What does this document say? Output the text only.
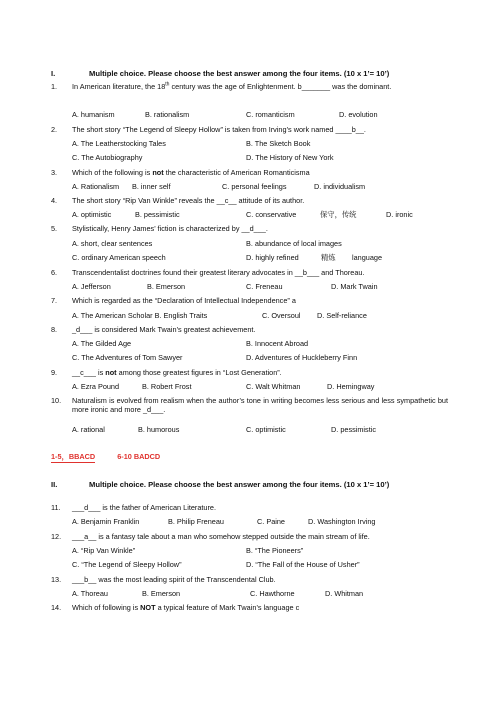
I.	Multiple choice. Please choose the best answer among the four items. (10 x 1’= 10’)
1. In American literature, the 18th century was the age of Enlightenment. b_______ was the dominant.
A. humanism	B. rationalism	C. romanticism	D. evolution
2. The short story “The Legend of Sleepy Hollow” is taken from Irving’s work named ____b__.
A. The Leatherstocking Tales	B. The Sketch Book
C. The Autobiography	D. The History of New York
3. Which of the following is not the characteristic of American Romanticisma
A. Rationalism B. inner self	C. personal feelings	D. individualism
4. The short story “Rip Van Winkle” reveals the __c__ attitude of its author.
A. optimistic	B. pessimistic	C. conservative	保守，传统	D. ironic
5. Stylistically, Henry James’ fiction is characterized by __d___.
A. short, clear sentences	B. abundance of local images
C. ordinary American speech	D. highly refined	精炼 language
6. Transcendentalist doctrines found their greatest literary advocates in __b___ and Thoreau.
A. Jefferson	B. Emerson	C. Freneau	D. Mark Twain
7. Which is regarded as the “Declaration of Intellectual Independence” a
A. The American Scholar B. English Traits	C. Oversoul D. Self-reliance
8. _d___ is considered Mark Twain’s greatest achievement.
A. The Gilded Age	B. Innocent Abroad
C. The Adventures of Tom Sawyer	D. Adventures of Huckleberry Finn
9. __c___ is not among those greatest figures in “Lost Generation”.
A. Ezra Pound	B. Robert Frost	C. Walt Whitman	D. Hemingway
10. Naturalism is evolved from realism when the author’s tone in writing becomes less serious and less sympathetic but more ironic and more _d___.
A. rational	B. humorous	C. optimistic	D. pessimistic
1-5，BBACD	6-10 BADCD
II.	Multiple choice. Please choose the best answer among the four items. (10 x 1’= 10’)
11. ___d___ is the father of American Literature.
A. Benjamin Franklin	B. Philip Freneau	C. Paine	D. Washington Irving
12. ___a__ is a fantasy tale about a man who somehow stepped outside the main stream of life.
A. “Rip Van Winkle”	B. “The Pioneers”
C. “The Legend of Sleepy Hollow”	D. “The Fall of the House of Usher”
13. ___b__ was the most leading spirit of the Transcendental Club.
A. Thoreau	B. Emerson	C. Hawthorne	D. Whitman
14. Which of following is NOT a typical feature of Mark Twain’s language c
